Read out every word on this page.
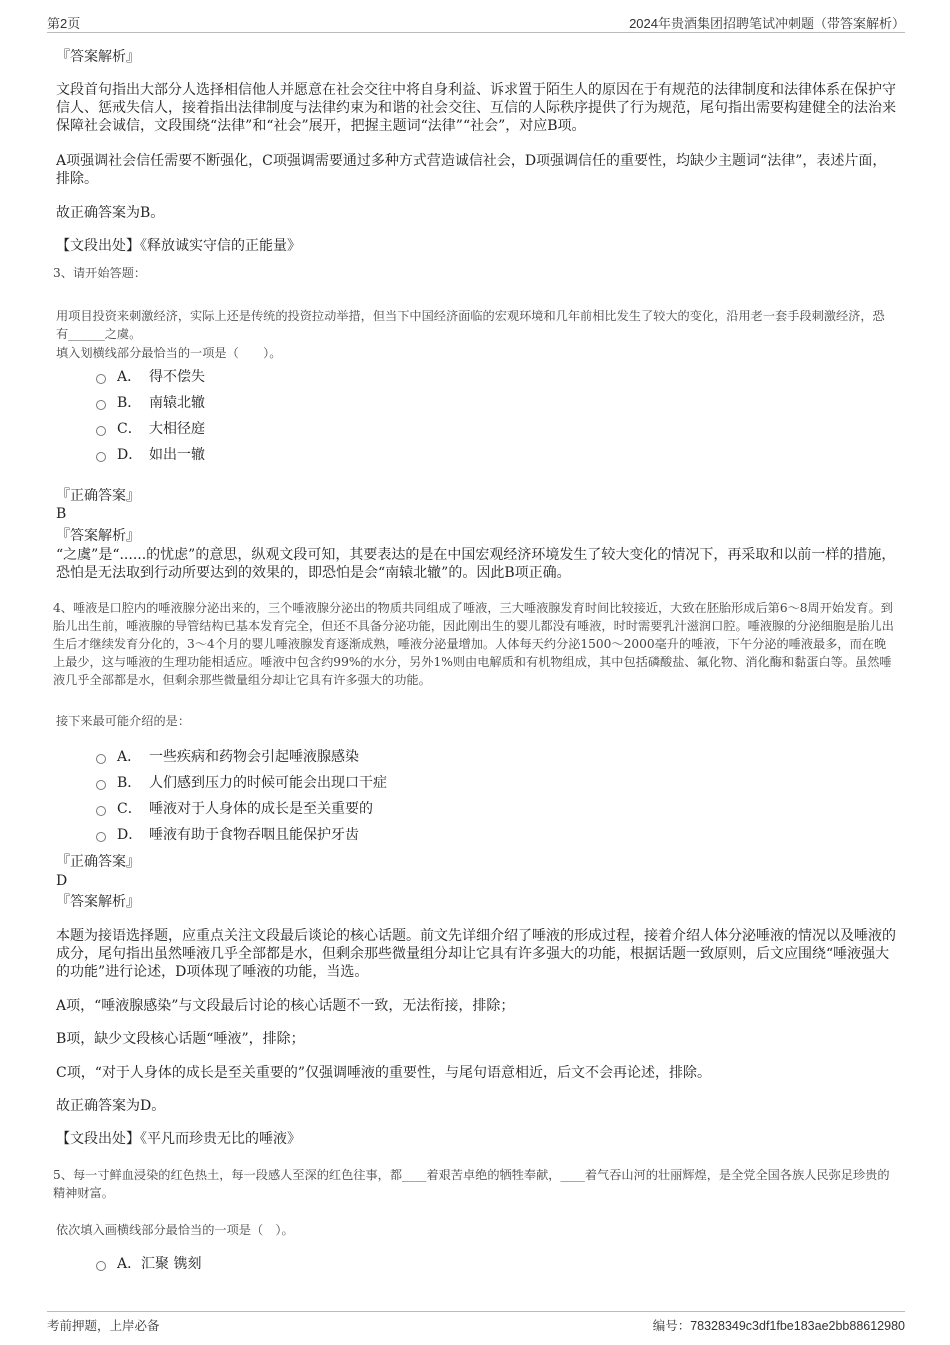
第2页	2024年贵酒集团招聘笔试冲刺题（带答案解析）
『答案解析』
文段首句指出大部分人选择相信他人并愿意在社会交往中将自身利益、诉求置于陌生人的原因在于有规范的法律制度和法律体系在保护守信人、惩戒失信人，接着指出法律制度与法律约束为和谐的社会交往、互信的人际秩序提供了行为规范，尾句指出需要构建健全的法治来保障社会诚信，文段围绕“法律”和“社会”展开，把握主题词“法律”“社会”，对应B项。
A项强调社会信任需要不断强化，C项强调需要通过多种方式营造诚信社会，D项强调信任的重要性，均缺少主题词“法律”，表述片面，排除。
故正确答案为B。
【文段出处】《释放诚实守信的正能量》
3、请开始答题：
用项目投资来刺激经济，实际上还是传统的投资拉动举措，但当下中国经济面临的宏观环境和几年前相比发生了较大的变化，沿用老一套手段刺激经济，恐有______之虞。
填入划横线部分最恰当的一项是（　　）。
A． 得不偿失
B． 南辕北辙
C． 大相径庭
D． 如出一辙
『正确答案』
B
『答案解析』
“之虞”是“......的忧虑”的意思，纵观文段可知，其要表达的是在中国宏观经济环境发生了较大变化的情况下，再采取和以前一样的措施，恐怕是无法取到行动所要达到的效果的，即恐怕是会“南辕北辙”的。因此B项正确。
4、唾液是口腔内的唾液腺分泌出来的，三个唾液腺分泌出的物质共同组成了唾液，三大唾液腺发育时间比较接近，大致在胚胎形成后第6～8周开始发育。到胎儿出生前，唾液腺的导管结构已基本发育完全，但还不具备分泌功能，因此刚出生的婴儿都没有唾液，时时需要乳汁滋润口腔。唾液腺的分泌细胞是胎儿出生后才继续发育分化的，3～4个月的婴儿唾液腺发育逐渐成熟，唾液分泌量增加。人体每天约分泌1500～2000毫升的唾液，下午分泌的唾液最多，而在晚上最少，这与唾液的生理功能相适应。唾液中包含约99%的水分，另外1%则由电解质和有机物组成，其中包括磷酸盐、氟化物、消化酶和黏蛋白等。虽然唾液几乎全部都是水，但剩余那些微量组分却让它具有许多强大的功能。
接下来最可能介绍的是：
A． 一些疾病和药物会引起唾液腺感染
B． 人们感到压力的时候可能会出现口干症
C． 唾液对于人身体的成长是至关重要的
D． 唾液有助于食物吞咽且能保护牙齿
『正确答案』
D
『答案解析』
本题为接语选择题，应重点关注文段最后谈论的核心话题。前文先详细介绍了唾液的形成过程，接着介绍人体分泌唾液的情况以及唾液的成分，尾句指出虽然唾液几乎全部都是水，但剩余那些微量组分却让它具有许多强大的功能，根据话题一致原则，后文应围绕“唾液强大的功能”进行论述，D项体现了唾液的功能，当选。
A项，“唾液腺感染”与文段最后讨论的核心话题不一致，无法衔接，排除；
B项，缺少文段核心话题“唾液”，排除；
C项，“对于人身体的成长是至关重要的”仅强调唾液的重要性，与尾句语意相近，后文不会再论述，排除。
故正确答案为D。
【文段出处】《平凡而珍贵无比的唾液》
5、每一寸鲜血浸染的红色热土，每一段感人至深的红色往事，都____着艰苦卓绝的牺牲奉献，____着气吞山河的壮丽辉煌，是全党全国各族人民弥足珍贵的精神财富。
依次填入画横线部分最恰当的一项是（　）。
A． 汇聚 镌刻
考前押题，上岸必备	编号：78328349c3df1fbe183ae2bb88612980
